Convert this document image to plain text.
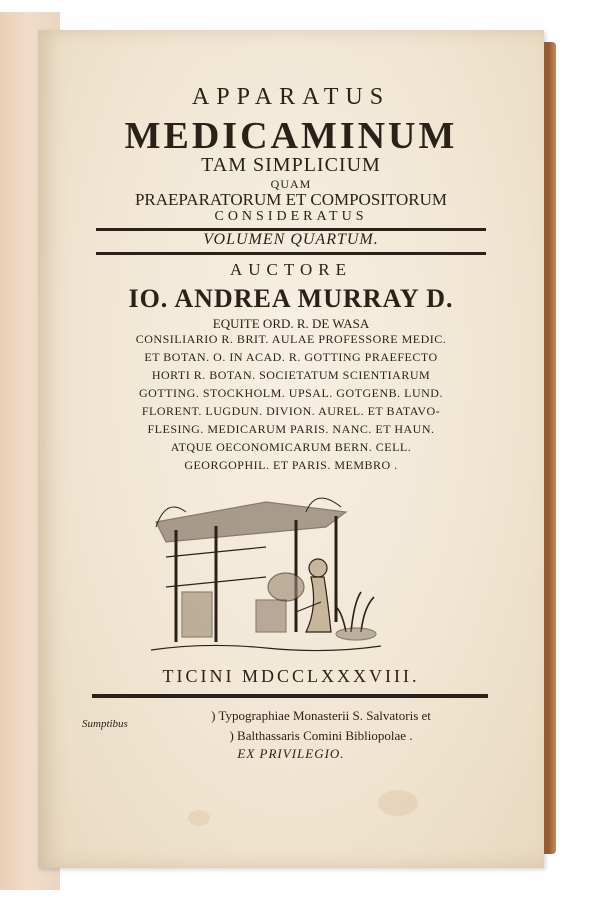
APPARATUS
MEDICAMINUM
TAM SIMPLICIUM
QUAM
PRAEPARATORUM ET COMPOSITORUM
CONSIDERATUS
VOLUMEN QUARTUM.
AUCTORE
IO. ANDREA MURRAY D.
EQUITE ORD. R. DE WASA
CONSILIARIO R. BRIT. AULAE PROFESSORE MEDIC.
ET BOTAN. O. IN ACAD. R. GOTTING PRAEFECTO
HORTI R. BOTAN. SOCIETATUM SCIENTIARUM
GOTTING. STOCKHOLM. UPSAL. GOTGENB. LUND.
FLORENT. LUGDUN. DIVION. AUREL. ET BATAVO-
FLESING. MEDICARUM PARIS. NANC. ET HAUN.
ATQUE OECONOMICARUM BERN. CELL.
GEORGOPHIL. ET PARIS. MEMBRO .
TICINI MDCCLXXXVIII.
Sumptibus
) Typographiae Monasterii S. Salvatoris et
) Balthassaris Comini Bibliopolae .
EX PRIVILEGIO.
